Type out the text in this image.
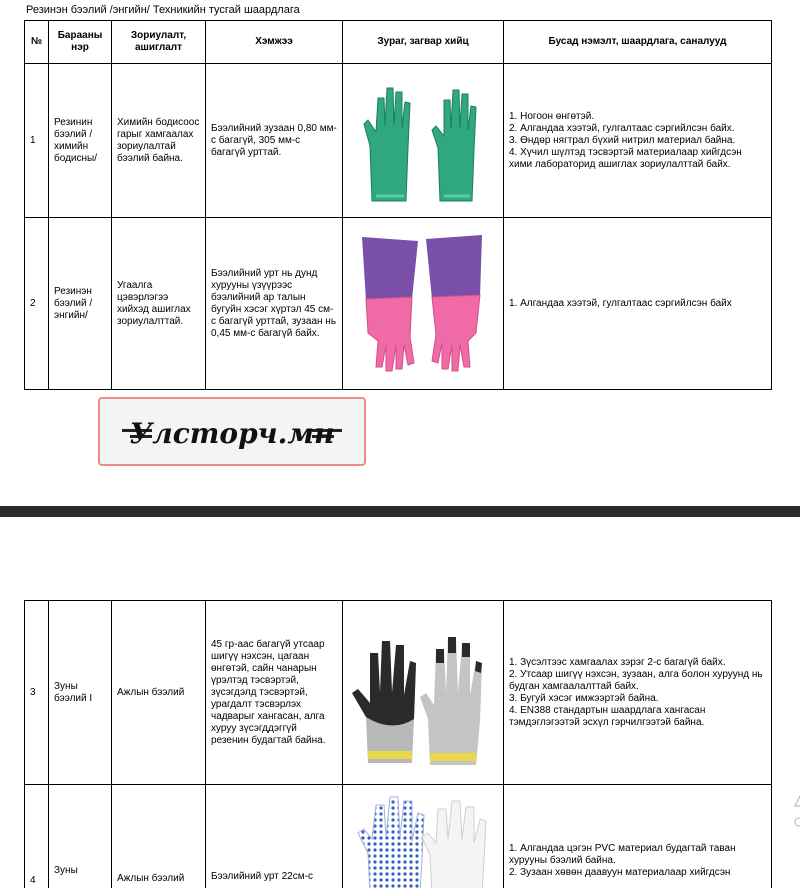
Резинэн бээлий /энгийн/ Техникийн тусгай шаардлага
№	Барааны нэр	Зориулалт, ашиглалт	Хэмжээ	Зураг, загвар хийц	Бусад нэмэлт, шаардлага, саналууд
1	Резинин бээлий /химийн бодисны/	Химийн бодисоос гарыг хамгаалах зориулалтай бээлий байна.	Бээлийний зузаан 0,80 мм-с багагүй, 305 мм-с багагүй урттай.		1. Ногоон өнгөтэй.
2. Алгандаа хээтэй, гулгалтаас сэргийлсэн байх.
3. Өндөр нягтрал бүхий нитрил материал байна.
4. Хүчил шүлтэд тэсвэртэй материалаар хийгдсэн хими лабораторид ашиглах зориулалттай байх.

2	Резинэн бээлий /энгийн/	Угаалга цэвэрлэгээ хийхэд ашиглах зориулалттай.	Бээлийний урт нь дунд хурууны үзүүрээс бээлийний ар талын бугуйн хэсэг хүртэл 45 см-с багагүй урттай, зузаан нь 0,45 мм-с багагүй байх.		1. Алгандаа хээтэй, гулгалтаас сэргийлсэн байх
Улсторч.мн
3	Зуны бээлий I	Ажлын бээлий	45 гр-аас багагүй утсаар шигүү нэхсэн, цагаан өнгөтэй, сайн чанарын үрэлтэд тэсвэртэй, зүсэгдэлд тэсвэртэй, урагдалт тэсвэрлэх чадварыг хангасан, алга хуруу зүсэгддэггүй резенин будагтай байна.		1. Зүсэлтээс хамгаалах зэрэг 2-с багагүй байх.
2. Утсаар шигүү нэхсэн, зузаан, алга болон хуруунд нь будган хамгаалалттай байх.
3. Бугуй хэсэг имжээртэй байна.
4. EN388 стандартын шаардлага хангасан тэмдэглэгээтэй эсхүл гэрчилгээтэй байна.

4	Зуны	Ажлын бээлий	Бээлийний урт 22см-с		1. Алгандаа цэгэн PVC материал будагтай таван хурууны бээлий байна.
2. Зузаан хөвөн даавуун материалаар хийгдсэн
